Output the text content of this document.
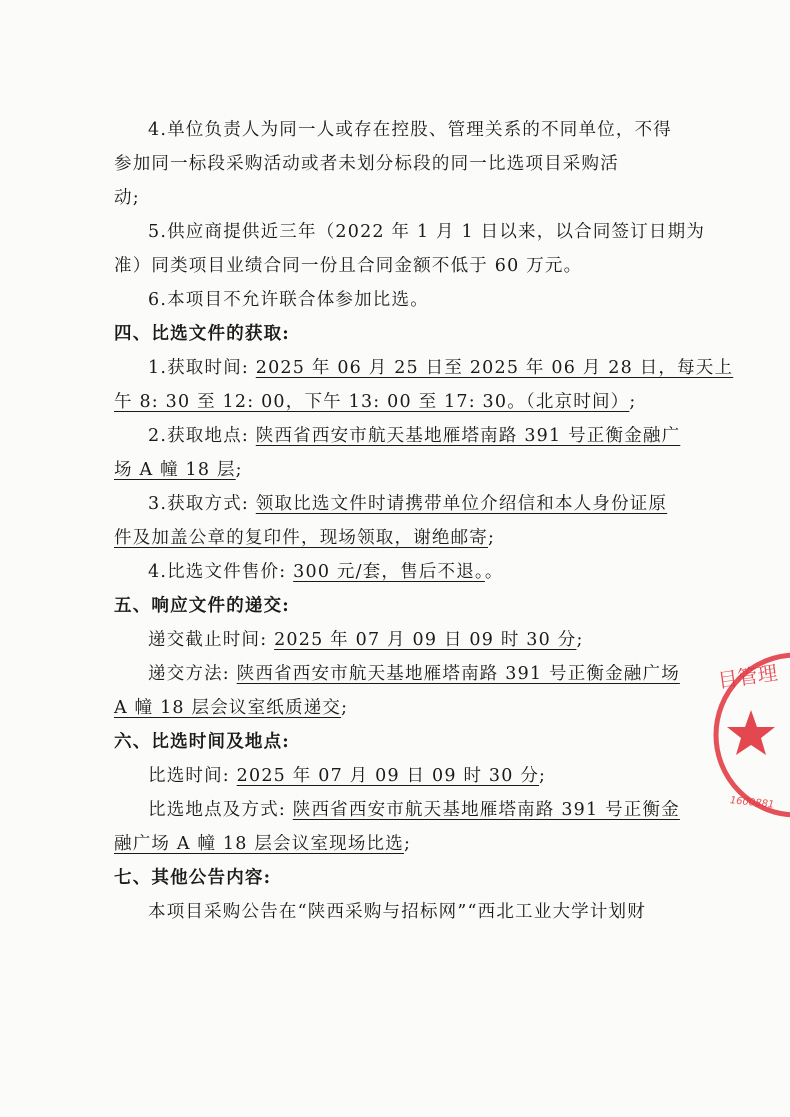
4.单位负责人为同一人或存在控股、管理关系的不同单位，不得
参加同一标段采购活动或者未划分标段的同一比选项目采购活
动;
5.供应商提供近三年（2022 年 1 月 1 日以来，以合同签订日期为
准）同类项目业绩合同一份且合同金额不低于 60 万元。
6.本项目不允许联合体参加比选。
四、比选文件的获取:
1.获取时间: 2025 年 06 月 25 日至 2025 年 06 月 28 日，每天上
午 8: 30 至 12: 00，下午 13: 00 至 17: 30。（北京时间）;
2.获取地点: 陕西省西安市航天基地雁塔南路 391 号正衡金融广
场 A 幢 18 层;
3.获取方式: 领取比选文件时请携带单位介绍信和本人身份证原
件及加盖公章的复印件，现场领取，谢绝邮寄;
4.比选文件售价: 300 元/套，售后不退。。
五、响应文件的递交:
递交截止时间: 2025 年 07 月 09 日 09 时 30 分;
递交方法: 陕西省西安市航天基地雁塔南路 391 号正衡金融广场
A 幢 18 层会议室纸质递交;
六、比选时间及地点:
比选时间: 2025 年 07 月 09 日 09 时 30 分;
比选地点及方式: 陕西省西安市航天基地雁塔南路 391 号正衡金
融广场 A 幢 18 层会议室现场比选;
七、其他公告内容:
本项目采购公告在“陕西采购与招标网”“西北工业大学计划财
目管理
1600881
